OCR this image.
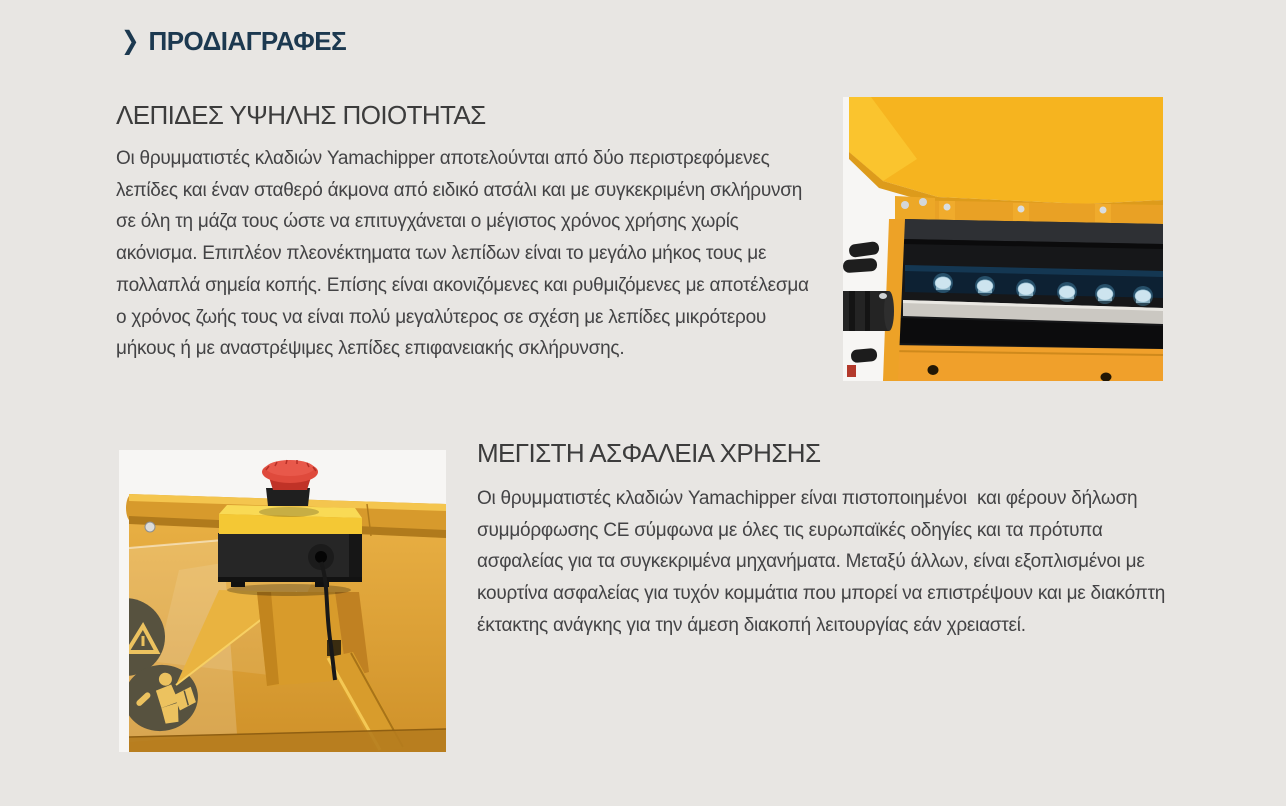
❯ ΠΡΟΔΙΑΓΡΑΦΕΣ
ΛΕΠΙΔΕΣ ΥΨΗΛΗΣ ΠΟΙΟΤΗΤΑΣ

Οι θρυμματιστές κλαδιών Yamachipper αποτελούνται από δύο περιστρεφόμενες λεπίδες και έναν σταθερό άκμονα από ειδικό ατσάλι και με συγκεκριμένη σκλήρυνση σε όλη τη μάζα τους ώστε να επιτυγχάνεται ο μέγιστος χρόνος χρήσης χωρίς ακόνισμα. Επιπλέον πλεονέκτηματα των λεπίδων είναι το μεγάλο μήκος τους με πολλαπλά σημεία κοπής. Επίσης είναι ακονιζόμενες και ρυθμιζόμενες με αποτέλεσμα ο χρόνος ζωής τους να είναι πολύ μεγαλύτερος σε σχέση με λεπίδες μικρότερου μήκους ή με αναστρέψιμες λεπίδες επιφανειακής σκλήρυνσης.

ΜΕΓΙΣΤΗ ΑΣΦΑΛΕΙΑ ΧΡΗΣΗΣ

Οι θρυμματιστές κλαδιών Yamachipper είναι πιστοποιημένοι  και φέρουν δήλωση συμμόρφωσης CE σύμφωνα με όλες τις ευρωπαϊκές οδηγίες και τα πρότυπα ασφαλείας για τα συγκεκριμένα μηχανήματα. Μεταξύ άλλων, είναι εξοπλισμένοι με κουρτίνα ασφαλείας για τυχόν κομμάτια που μπορεί να επιστρέψουν και με διακόπτη έκτακτης ανάγκης για την άμεση διακοπή λειτουργίας εάν χρειαστεί.
